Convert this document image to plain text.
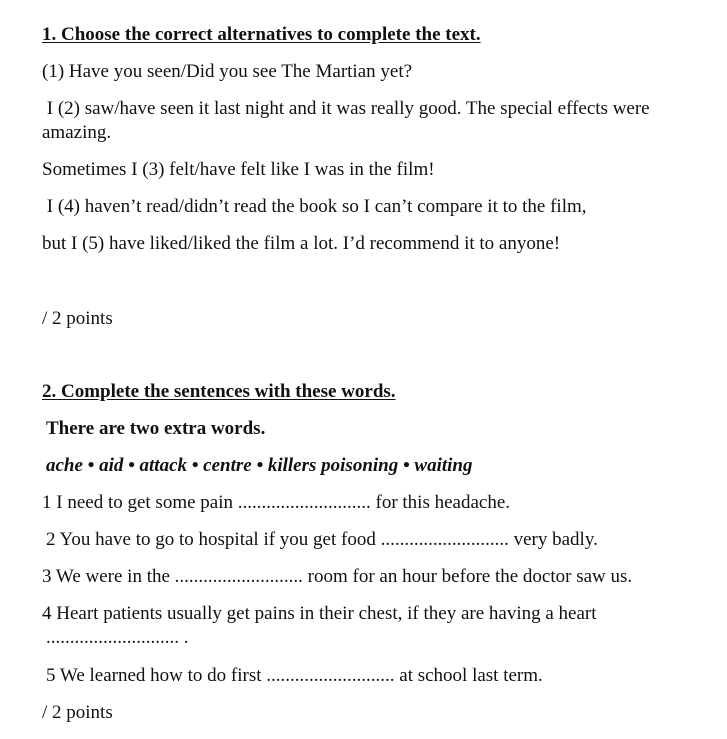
1. Choose the correct alternatives to complete the text.
(1) Have you seen/Did you see The Martian yet?
I (2) saw/have seen it last night and it was really good. The special effects were
amazing.
Sometimes I (3) felt/have felt like I was in the film!
I (4) haven’t read/didn’t read the book so I can’t compare it to the film,
but I (5) have liked/liked the film a lot. I’d recommend it to anyone!
/ 2 points
2. Complete the sentences with these words.
There are two extra words.
ache • aid • attack • centre • killers poisoning • waiting
1 I need to get some pain ............................ for this headache.
2 You have to go to hospital if you get food ........................... very badly.
3 We were in the ........................... room for an hour before the doctor saw us.
4 Heart patients usually get pains in their chest, if they are having a heart
............................ .
5 We learned how to do first ........................... at school last term.
/ 2 points
